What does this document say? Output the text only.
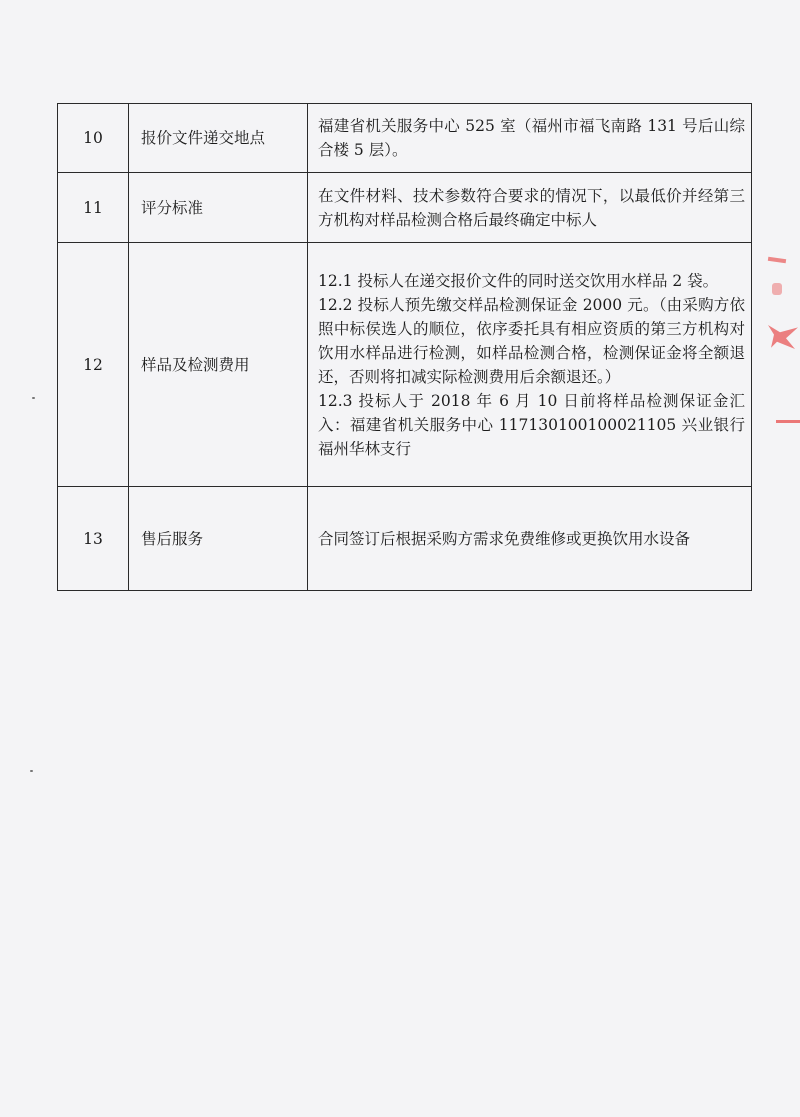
10	报价文件递交地点	福建省机关服务中心 525 室（福州市福飞南路 131 号后山综合楼 5 层）。

11	评分标准	在文件材料、技术参数符合要求的情况下，以最低价并经第三方机构对样品检测合格后最终确定中标人

12	样品及检测费用	12.1 投标人在递交报价文件的同时送交饮用水样品 2 袋。
12.2 投标人预先缴交样品检测保证金 2000 元。（由采购方依照中标侯选人的顺位，依序委托具有相应资质的第三方机构对饮用水样品进行检测，如样品检测合格，检测保证金将全额退还，否则将扣减实际检测费用后余额退还。）
12.3 投标人于 2018 年 6 月 10 日前将样品检测保证金汇入：福建省机关服务中心 117130100100021105 兴业银行福州华林支行

13	售后服务	合同签订后根据采购方需求免费维修或更换饮用水设备
